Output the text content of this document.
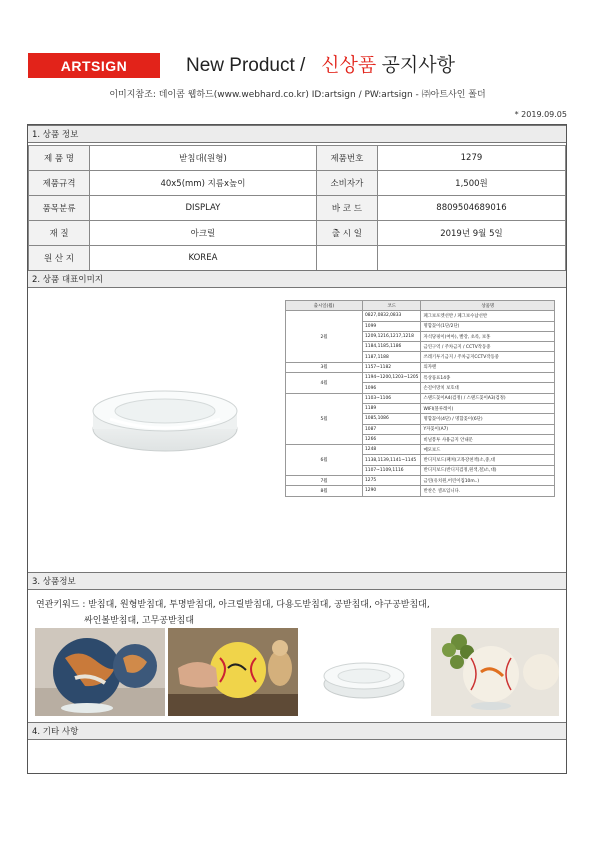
ARTSIGN	New Product / 신상품 공지사항
이미지참조: 데이콤 웹하드(www.webhard.co.kr) ID:artsign / PW:artsign - ㈜아트사인 폴더
* 2019.09.05
1. 상품 정보
제 품 명	받침대(원형)	제품번호	1279
제품규격	40x5(mm) 지름x높이	소비자가	1,500원
품목분류	DISPLAY	바 코 드	8809504689016
재 질	아크릴	출 시 일	2019년 9월 5일
원 산 지	KOREA		
2. 상품 대표이미지
출시일(월)	코드	상품명
2월	0827,0832,0833	폐그보포켓선반 / 폐그보수납선반
	1099	명함꽂이(1단/2단)
	1209,1216,1217,1218	자석당핑이(여아), 빨강, 초록, 보홍
	1184,1185,1186	금연구역 / 주차금지 / CCTV작동중
	1187,1188	쓰레기투기금지 / 주차금지CCTV작동중
3월	1157~1182	의자랜
4월	1194~1200,1203~1205	특상품표14종
	1096	손걸이망치 보호대
5월	1103~1106	스탠드꽂이A4(검정) / 스탠드꽂이A3(검정)
	1189	WIFI(블루레이)
	1085,1086	명함꽂이(4단) / 명함꽂이(6단)
	1087	Y자꽂이(A7)
	1266	비닐봉투 사용금지 안내문
6월	1248	메모보드
	1138,1139,1141~1145	반디지보드(패쳐(고목강쳔젝)소,중,대
	1107~1109,1116	반디지보드(반디지검정,원색,철)소,대)
7월	1275	금연(유치원,어린이집10m..)
8월	1290	반찬은 셀프입니다.
3. 상품정보
연관키워드 : 받침대, 원형받침대, 투명받침대, 아크릴받침대, 다용도받침대, 공받침대, 야구공받침대,
싸인볼받침대, 고무공받침대
4. 기타 사항
